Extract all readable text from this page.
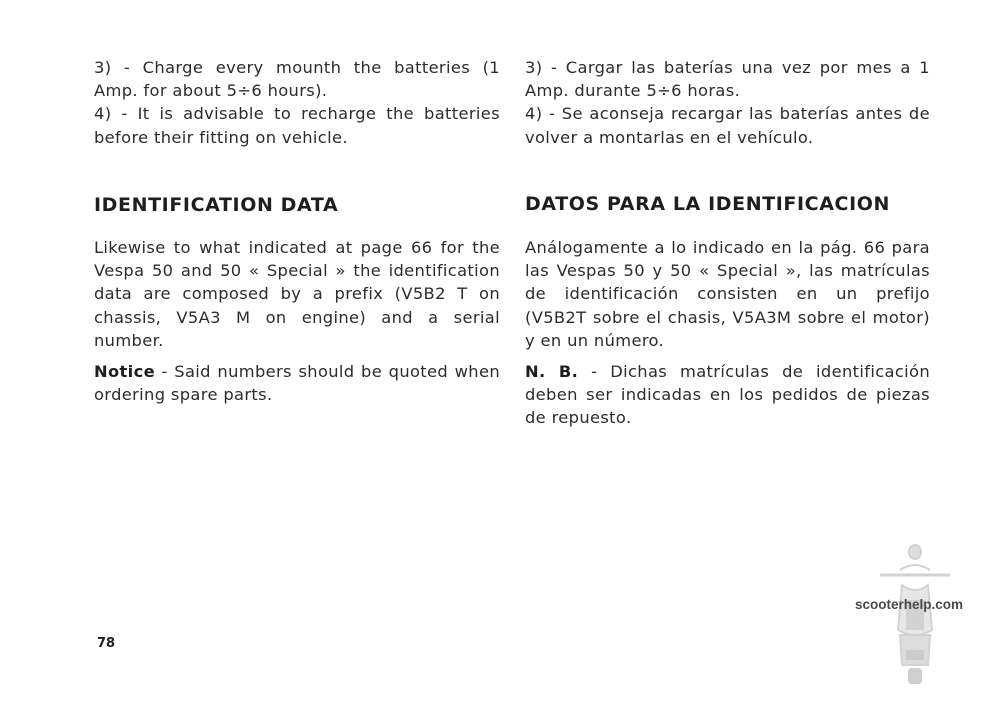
3) - Charge every mounth the batteries (1 Amp. for about 5÷6 hours).

4) - It is advisable to recharge the batteries before their fitting on vehicle.

3) - Cargar las baterías una vez por mes a 1 Amp. durante 5÷6 horas.

4) - Se aconseja recargar las baterías antes de volver a montarlas en el vehículo.

IDENTIFICATION DATA	DATOS PARA LA IDENTIFICACION

Likewise to what indicated at page 66 for the Vespa 50 and 50 « Special » the identification data are composed by a prefix (V5B2 T on chassis, V5A3 M on engine) and a serial number.

Notice - Said numbers should be quoted when ordering spare parts.

Análogamente a lo indicado en la pág. 66 para las Vespas 50 y 50 « Special », las matrículas de identificación consisten en un prefijo (V5B2T sobre el chasis, V5A3M sobre el motor) y en un número.

N. B. - Dichas matrículas de identificación deben ser indicadas en los pedidos de piezas de repuesto.

78
scooterhelp.com
